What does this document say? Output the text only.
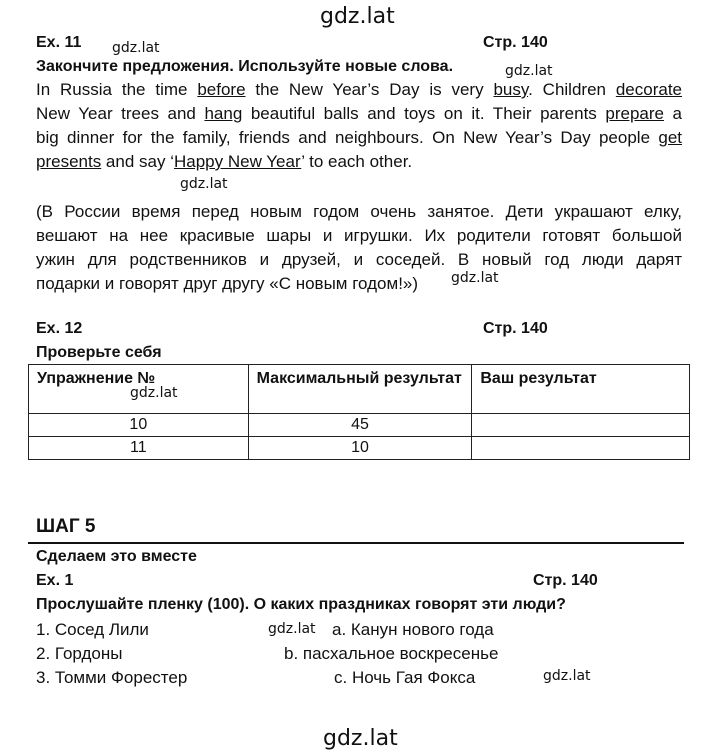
gdz.lat
gdz.lat
gdz.lat
gdz.lat
gdz.lat
gdz.lat
gdz.lat
gdz.lat
gdz.lat
Ex. 11	Стр. 140
Закончите предложения. Используйте новые слова.
In Russia the time before the New Year’s Day is very busy. Children decorate
New Year trees and hang beautiful balls and toys on it. Their parents prepare a
big dinner for the family, friends and neighbours. On New Year’s Day people get
presents and say ‘Happy New Year’ to each other.
(В России время перед новым годом очень занятое. Дети украшают елку,
вешают на нее красивые шары и игрушки. Их родители готовят большой
ужин для родственников и друзей, и соседей. В новый год люди дарят
подарки и говорят друг другу «С новым годом!»)
Ex. 12	Стр. 140
Проверьте себя
Упражнение №	Максимальный результат	Ваш результат
10	45	
11	10	
ШАГ 5
Сделаем это вместе
Ex. 1	Стр. 140
Прослушайте пленку (100). О каких праздниках говорят эти люди?
1. Сосед Лили
2. Гордоны
3. Томми Форестер
a. Канун нового года
b. пасхальное воскресенье
c. Ночь Гая Фокса
